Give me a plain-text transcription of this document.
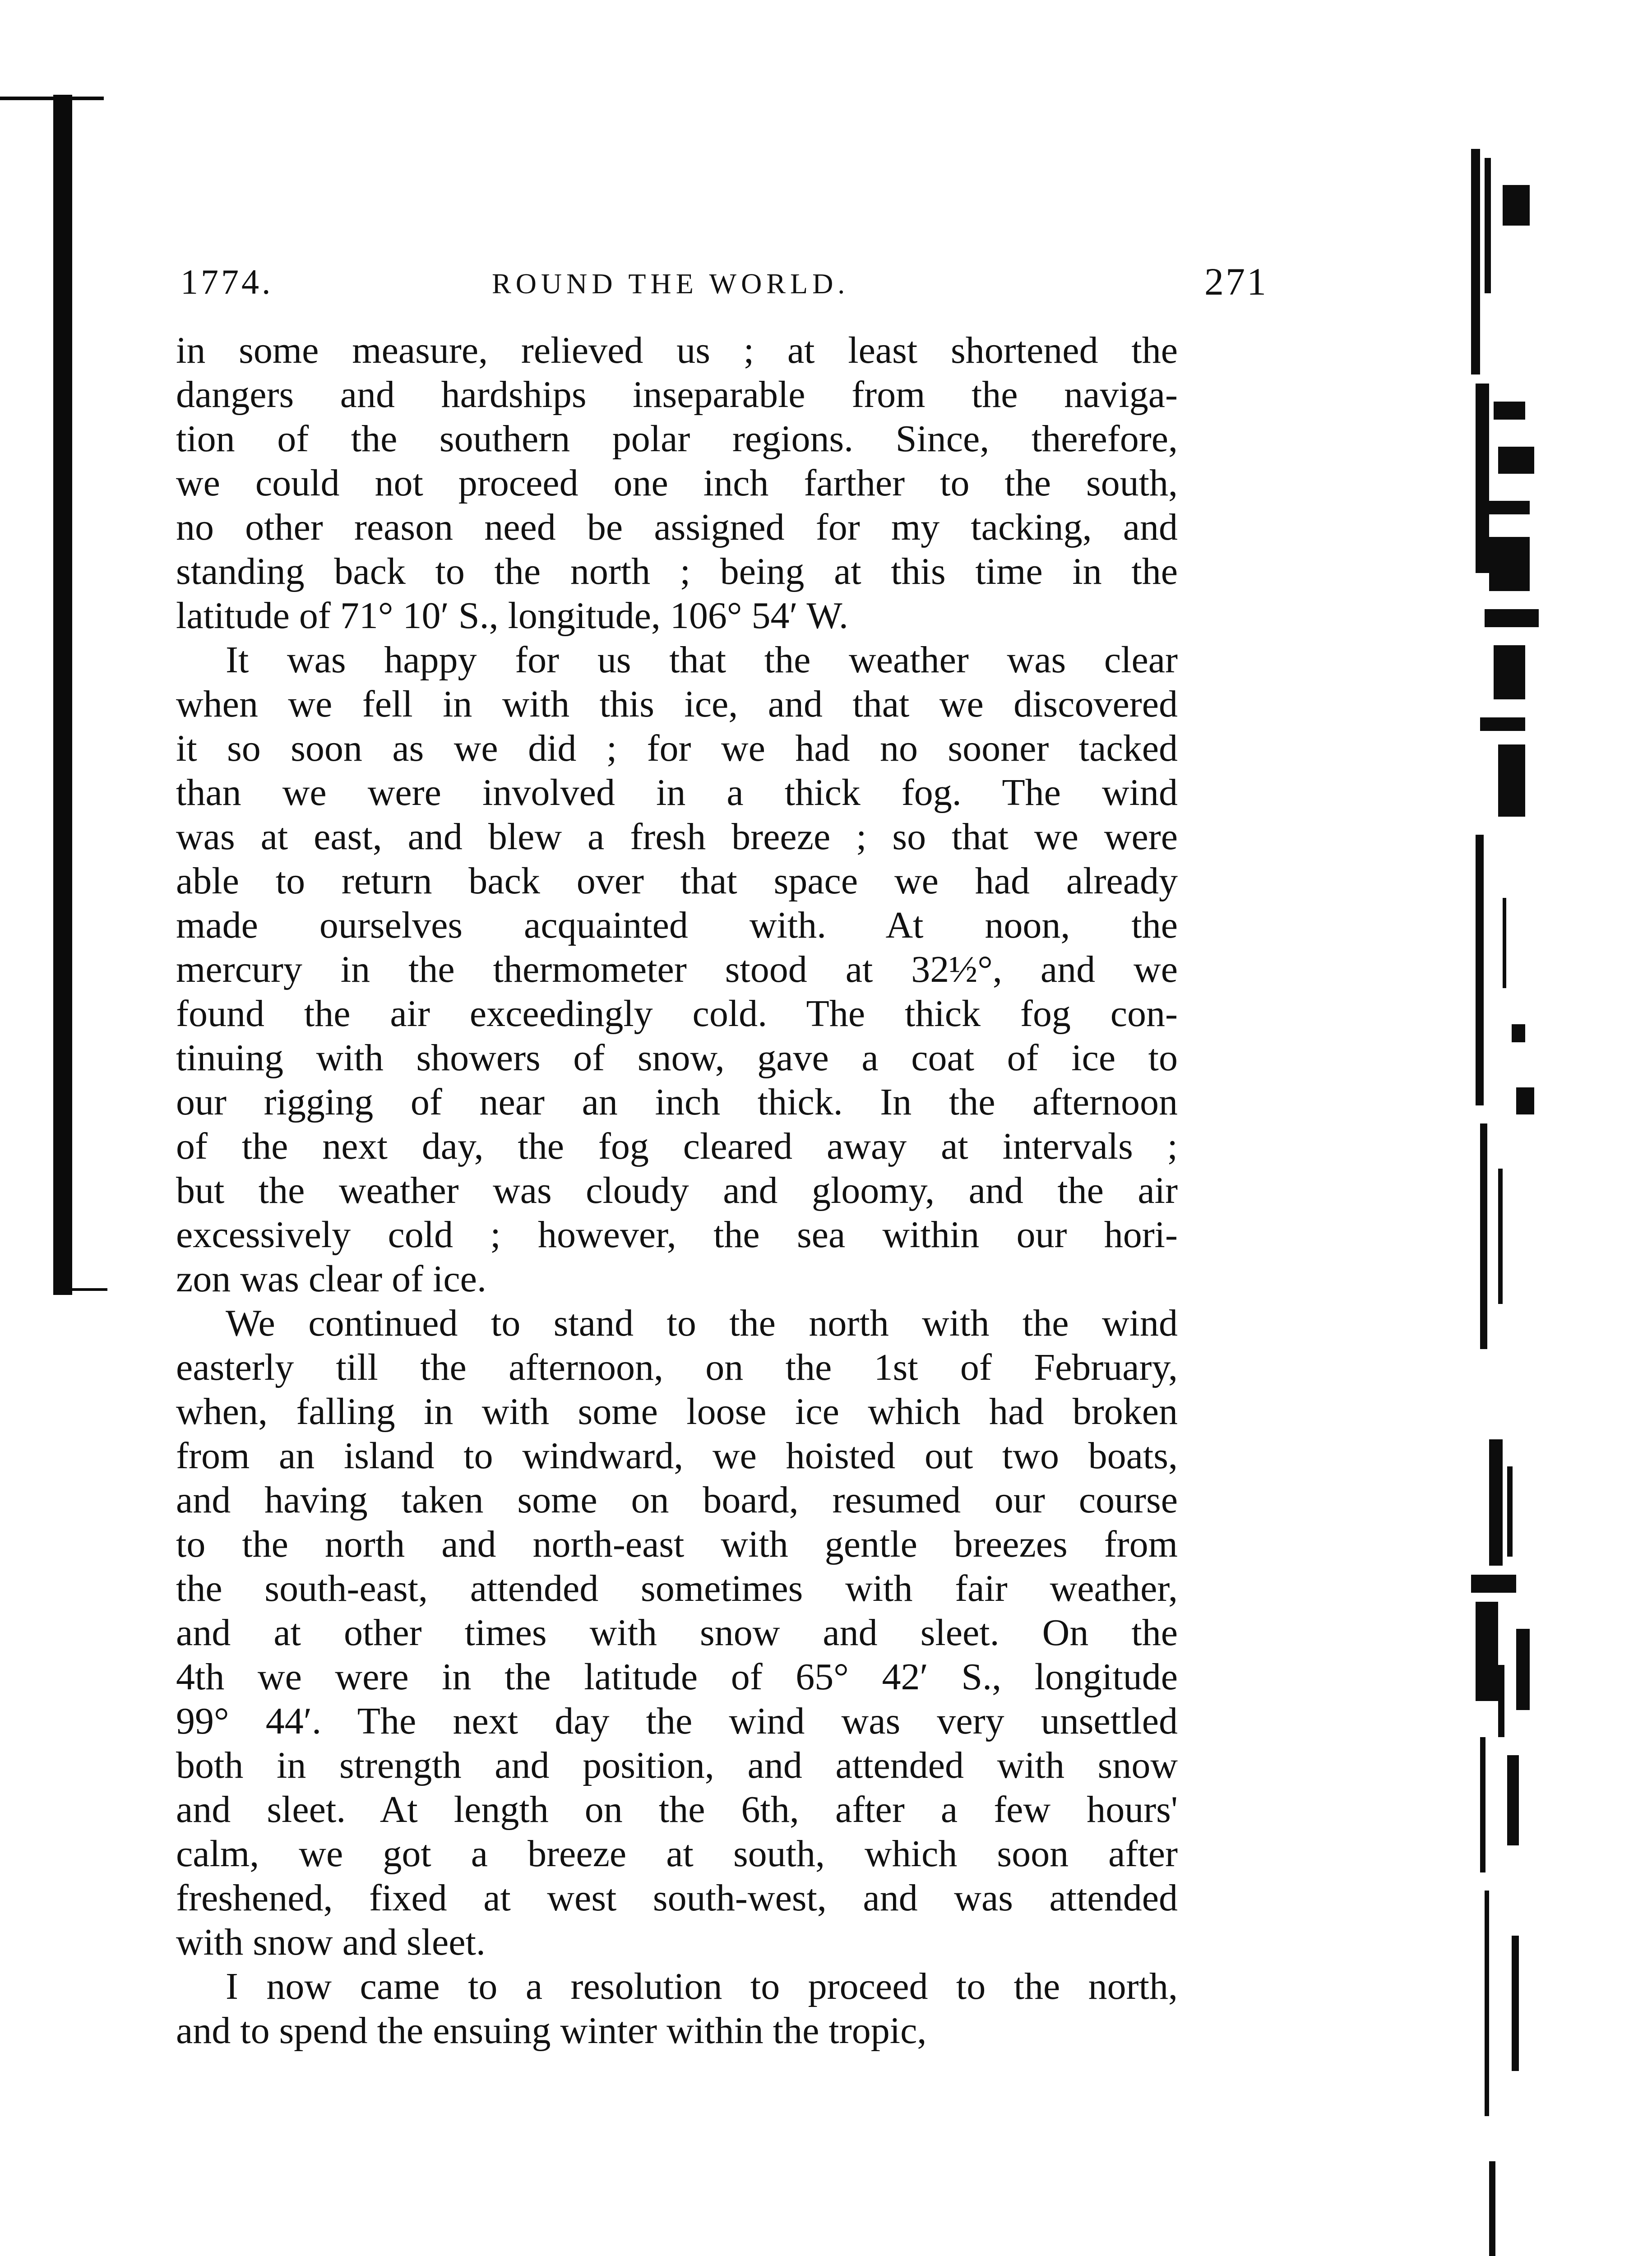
1774.	ROUND THE WORLD.	271
in some measure, relieved us ; at least shortened the
dangers and hardships inseparable from the naviga-
tion of the southern polar regions. Since, therefore,
we could not proceed one inch farther to the south,
no other reason need be assigned for my tacking, and
standing back to the north ; being at this time in the
latitude of 71° 10′ S., longitude, 106° 54′ W.
It was happy for us that the weather was clear
when we fell in with this ice, and that we discovered
it so soon as we did ; for we had no sooner tacked
than we were involved in a thick fog. The wind
was at east, and blew a fresh breeze ; so that we were
able to return back over that space we had already
made ourselves acquainted with. At noon, the
mercury in the thermometer stood at 32½°, and we
found the air exceedingly cold. The thick fog con-
tinuing with showers of snow, gave a coat of ice to
our rigging of near an inch thick. In the afternoon
of the next day, the fog cleared away at intervals ;
but the weather was cloudy and gloomy, and the air
excessively cold ; however, the sea within our hori-
zon was clear of ice.
We continued to stand to the north with the wind
easterly till the afternoon, on the 1st of February,
when, falling in with some loose ice which had broken
from an island to windward, we hoisted out two boats,
and having taken some on board, resumed our course
to the north and north-east with gentle breezes from
the south-east, attended sometimes with fair weather,
and at other times with snow and sleet. On the
4th we were in the latitude of 65° 42′ S., longitude
99° 44′. The next day the wind was very unsettled
both in strength and position, and attended with snow
and sleet. At length on the 6th, after a few hours'
calm, we got a breeze at south, which soon after
freshened, fixed at west south-west, and was attended
with snow and sleet.
I now came to a resolution to proceed to the north,
and to spend the ensuing winter within the tropic,
